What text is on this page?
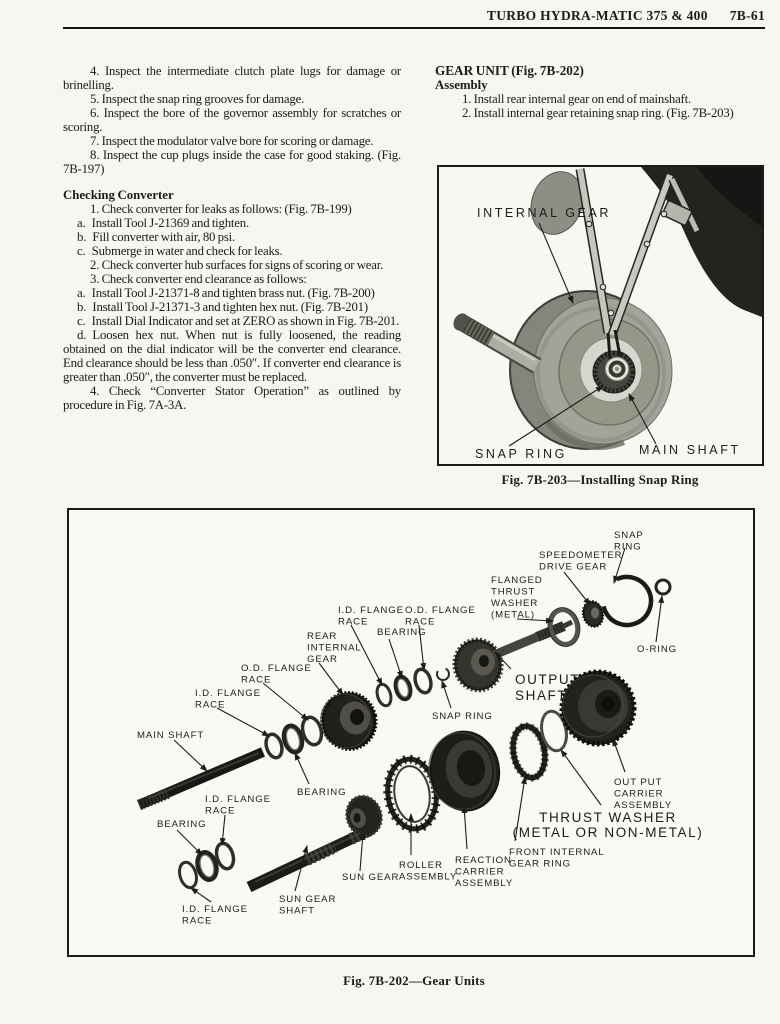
TURBO HYDRA-MATIC 375 & 400 7B-61

4. Inspect the intermediate clutch plate lugs for damage or brinelling.

5. Inspect the snap ring grooves for damage.

6. Inspect the bore of the governor assembly for scratches or scoring.

7. Inspect the modulator valve bore for scoring or damage.

8. Inspect the cup plugs inside the case for good staking. (Fig. 7B-197)

Checking Converter

1. Check converter for leaks as follows: (Fig. 7B-199)

a. Install Tool J-21369 and tighten.

b. Fill converter with air, 80 psi.

c. Submerge in water and check for leaks.

2. Check converter hub surfaces for signs of scoring or wear.

3. Check converter end clearance as follows:

a. Install Tool J-21371-8 and tighten brass nut. (Fig. 7B-200)

b. Install Tool J-21371-3 and tighten hex nut. (Fig. 7B-201)

c. Install Dial Indicator and set at ZERO as shown in Fig. 7B-201.

d. Loosen hex nut. When nut is fully loosened, the reading obtained on the dial indicator will be the converter end clearance. End clearance should be less than .050″. If converter end clearance is greater than .050″, the converter must be replaced.

4. Check “Converter Stator Operation” as outlined by procedure in Fig. 7A-3A.

GEAR UNIT (Fig. 7B-202)

Assembly

1. Install rear internal gear on end of mainshaft.

2. Install internal gear retaining snap ring. (Fig. 7B-203)

INTERNAL GEAR
SNAP RING	MAIN SHAFT
Fig. 7B-203—Installing Snap Ring
SNAP
RING
SPEEDOMETER
DRIVE GEAR
FLANGED
THRUST
WASHER
(METAL)
O-RING
I.D. FLANGE
RACE
BEARING
O.D. FLANGE
RACE
REAR
INTERNAL
GEAR
O.D. FLANGE
RACE
I.D. FLANGE
RACE
MAIN SHAFT
OUTPUT
SHAFT
SNAP RING
BEARING
I.D. FLANGE
RACE
BEARING
I.D. FLANGE
RACE
SUN GEAR
SHAFT
SUN GEAR
ROLLER
ASSEMBLY
REACTION
CARRIER
ASSEMBLY
FRONT INTERNAL
GEAR RING
THRUST WASHER
(METAL OR NON-METAL)
OUT PUT
CARRIER
ASSEMBLY
Fig. 7B-202—Gear Units
